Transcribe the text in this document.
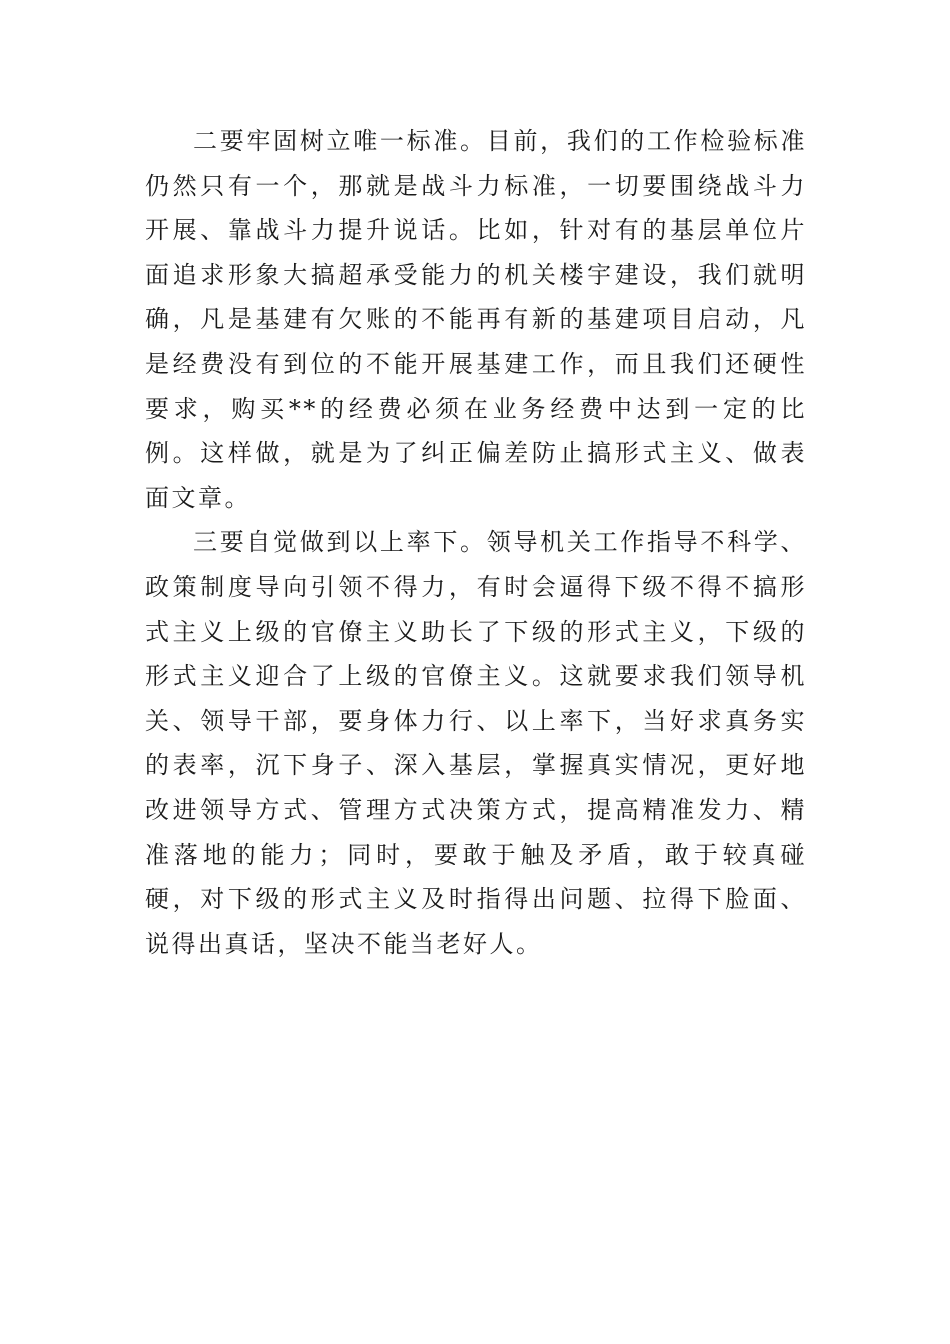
二要牢固树立唯一标准。目前，我们的工作检验标准仍然只有一个，那就是战斗力标准，一切要围绕战斗力开展、靠战斗力提升说话。比如，针对有的基层单位片面追求形象大搞超承受能力的机关楼宇建设，我们就明确，凡是基建有欠账的不能再有新的基建项目启动，凡是经费没有到位的不能开展基建工作，而且我们还硬性要求，购买**的经费必须在业务经费中达到一定的比例。这样做，就是为了纠正偏差防止搞形式主义、做表面文章。

三要自觉做到以上率下。领导机关工作指导不科学、政策制度导向引领不得力，有时会逼得下级不得不搞形式主义上级的官僚主义助长了下级的形式主义，下级的形式主义迎合了上级的官僚主义。这就要求我们领导机关、领导干部，要身体力行、以上率下，当好求真务实的表率，沉下身子、深入基层，掌握真实情况，更好地改进领导方式、管理方式决策方式，提高精准发力、精准落地的能力；同时，要敢于触及矛盾，敢于较真碰硬，对下级的形式主义及时指得出问题、拉得下脸面、说得出真话，坚决不能当老好人。
